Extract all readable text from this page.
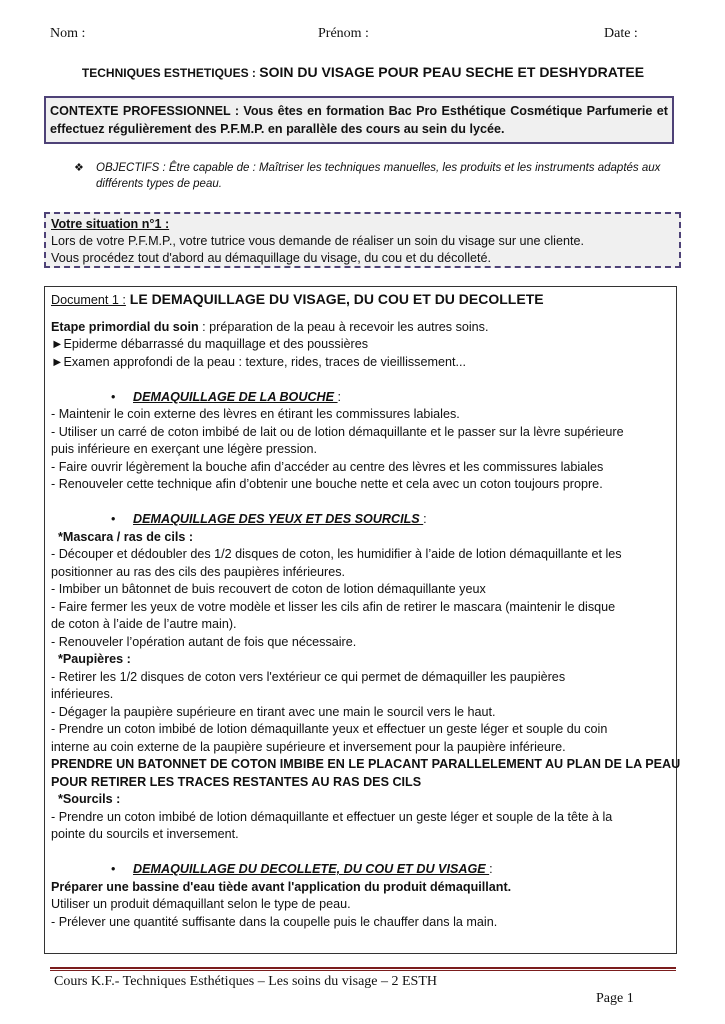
Nom :	Prénom :	Date :
TECHNIQUES ESTHETIQUES : SOIN DU VISAGE POUR PEAU SECHE ET DESHYDRATEE
CONTEXTE PROFESSIONNEL : Vous êtes en formation Bac Pro Esthétique Cosmétique Parfumerie et effectuez régulièrement des P.F.M.P. en parallèle des cours au sein du lycée.
❖	OBJECTIFS : Être capable de : Maîtriser les techniques manuelles, les produits et les instruments adaptés aux différents types de peau.
Votre situation n°1 :
Lors de votre P.F.M.P., votre tutrice vous demande de réaliser un soin du visage sur une cliente.
Vous procédez tout d'abord au démaquillage du visage, du cou et du décolleté.
Document 1 : LE DEMAQUILLAGE DU VISAGE, DU COU ET DU DECOLLETE
Etape primordial du soin : préparation de la peau à recevoir les autres soins.
►Epiderme débarrassé du maquillage et des poussières
►Examen approfondi de la peau : texture, rides, traces de vieillissement...
• DEMAQUILLAGE DE LA BOUCHE :
- Maintenir le coin externe des lèvres en étirant les commissures labiales.
- Utiliser un carré de coton imbibé de lait ou de lotion démaquillante et le passer sur la lèvre supérieure
puis inférieure en exerçant une légère pression.
- Faire ouvrir légèrement la bouche afin d’accéder au centre des lèvres et les commissures labiales
- Renouveler cette technique afin d’obtenir une bouche nette et cela avec un coton toujours propre.
• DEMAQUILLAGE DES YEUX ET DES SOURCILS :
*Mascara / ras de cils :
- Découper et dédoubler des 1/2 disques de coton, les humidifier à l’aide de lotion démaquillante et les
positionner au ras des cils des paupières inférieures.
- Imbiber un bâtonnet de buis recouvert de coton de lotion démaquillante yeux
- Faire fermer les yeux de votre modèle et lisser les cils afin de retirer le mascara (maintenir le disque
de coton à l’aide de l’autre main).
- Renouveler l’opération autant de fois que nécessaire.
*Paupières :
- Retirer les 1/2 disques de coton vers l'extérieur ce qui permet de démaquiller les paupières
inférieures.
- Dégager la paupière supérieure en tirant avec une main le sourcil vers le haut.
- Prendre un coton imbibé de lotion démaquillante yeux et effectuer un geste léger et souple du coin
interne au coin externe de la paupière supérieure et inversement pour la paupière inférieure.
PRENDRE UN BATONNET DE COTON IMBIBE EN LE PLACANT PARALLELEMENT AU PLAN DE LA PEAU
POUR RETIRER LES TRACES RESTANTES AU RAS DES CILS
*Sourcils :
- Prendre un coton imbibé de lotion démaquillante et effectuer un geste léger et souple de la tête à la
pointe du sourcils et inversement.
• DEMAQUILLAGE DU DECOLLETE, DU COU ET DU VISAGE :
Préparer une bassine d'eau tiède avant l'application du produit démaquillant.
Utiliser un produit démaquillant selon le type de peau.
- Prélever une quantité suffisante dans la coupelle puis le chauffer dans la main.
Cours K.F.- Techniques Esthétiques – Les soins du visage – 2 ESTH
Page 1
